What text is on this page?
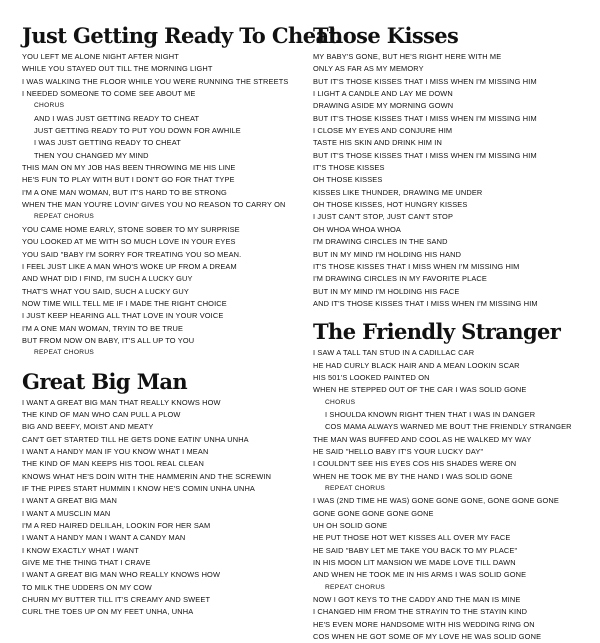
Just Getting Ready To Cheat
YOU LEFT ME ALONE NIGHT AFTER NIGHT
WHILE YOU STAYED OUT TILL THE MORNING LIGHT
I WAS WALKING THE FLOOR WHILE YOU WERE RUNNING THE STREETS
I NEEDED SOMEONE TO COME SEE ABOUT ME
CHORUS
AND I WAS JUST GETTING READY TO CHEAT
JUST GETTING READY TO PUT YOU DOWN FOR AWHILE
I WAS JUST GETTING READY TO CHEAT
THEN YOU CHANGED MY MIND
THIS MAN ON MY JOB HAS BEEN THROWING ME HIS LINE
HE'S FUN TO PLAY WITH BUT I DON'T GO FOR THAT TYPE
I'M A ONE MAN WOMAN, BUT IT'S HARD TO BE STRONG
WHEN THE MAN YOU'RE LOVIN' GIVES YOU NO REASON TO CARRY ON
REPEAT CHORUS
YOU CAME HOME EARLY, STONE SOBER TO MY SURPRISE
YOU LOOKED AT ME WITH SO MUCH LOVE IN YOUR EYES
YOU SAID "BABY I'M SORRY FOR TREATING YOU SO MEAN.
I FEEL JUST LIKE A MAN WHO'S WOKE UP FROM A DREAM
AND WHAT DID I FIND, I'M SUCH A LUCKY GUY
THAT'S WHAT YOU SAID, SUCH A LUCKY GUY
NOW TIME WILL TELL ME IF I MADE THE RIGHT CHOICE
I JUST KEEP HEARING ALL THAT LOVE IN YOUR VOICE
I'M A ONE MAN WOMAN, TRYIN TO BE TRUE
BUT FROM NOW ON BABY, IT'S ALL UP TO YOU
REPEAT CHORUS
Great Big Man
I WANT A GREAT BIG MAN THAT REALLY KNOWS HOW
THE KIND OF MAN WHO CAN PULL A PLOW
BIG AND BEEFY, MOIST AND MEATY
CAN'T GET STARTED TILL HE GETS DONE EATIN' UNHA UNHA
I WANT A HANDY MAN IF YOU KNOW WHAT I MEAN
THE KIND OF MAN KEEPS HIS TOOL REAL CLEAN
KNOWS WHAT HE'S DOIN WITH THE HAMMERIN AND THE SCREWIN
IF THE PIPES START HUMMIN I KNOW HE'S COMIN UNHA UNHA
I WANT A GREAT BIG MAN
I WANT A MUSCLIN MAN
I'M A RED HAIRED DELILAH, LOOKIN FOR HER SAM
I WANT A HANDY MAN I WANT A CANDY MAN
I KNOW EXACTLY WHAT I WANT
GIVE ME THE THING THAT I CRAVE
I WANT A GREAT BIG MAN WHO REALLY KNOWS HOW
TO MILK THE UDDERS ON MY COW
CHURN MY BUTTER TILL IT'S CREAMY AND SWEET
CURL THE TOES UP ON MY FEET UNHA, UNHA
Those Kisses
MY BABY'S GONE, BUT HE'S RIGHT HERE WITH ME
ONLY AS FAR AS MY MEMORY
BUT IT'S THOSE KISSES THAT I MISS WHEN I'M MISSING HIM
I LIGHT A CANDLE AND LAY ME DOWN
DRAWING ASIDE MY MORNING GOWN
BUT IT'S THOSE KISSES THAT I MISS WHEN I'M MISSING HIM
I CLOSE MY EYES AND CONJURE HIM
TASTE HIS SKIN AND DRINK HIM IN
BUT IT'S THOSE KISSES THAT I MISS WHEN I'M MISSING HIM
IT'S THOSE KISSES
OH THOSE KISSES
KISSES LIKE THUNDER, DRAWING ME UNDER
OH THOSE KISSES, HOT HUNGRY KISSES
I JUST CAN'T STOP, JUST CAN'T STOP
OH WHOA WHOA WHOA
I'M DRAWING CIRCLES IN THE SAND
BUT IN MY MIND I'M HOLDING HIS HAND
IT'S THOSE KISSES THAT I MISS WHEN I'M MISSING HIM
I'M DRAWING CIRCLES IN MY FAVORITE PLACE
BUT IN MY MIND I'M HOLDING HIS FACE
AND IT'S THOSE KISSES THAT I MISS WHEN I'M MISSING HIM
The Friendly Stranger
I SAW A TALL TAN STUD IN A CADILLAC CAR
HE HAD CURLY BLACK HAIR AND A MEAN LOOKIN SCAR
HIS 501'S LOOKED PAINTED ON
WHEN HE STEPPED OUT OF THE CAR I WAS SOLID GONE
CHORUS
I SHOULDA KNOWN RIGHT THEN THAT I WAS IN DANGER
COS MAMA ALWAYS WARNED ME BOUT THE FRIENDLY STRANGER
THE MAN WAS BUFFED AND COOL AS HE WALKED MY WAY
HE SAID "HELLO BABY IT'S YOUR LUCKY DAY"
I COULDN'T SEE HIS EYES COS HIS SHADES WERE ON
WHEN HE TOOK ME BY THE HAND I WAS SOLID GONE
REPEAT CHORUS
I WAS (2ND TIME HE WAS) GONE GONE GONE, GONE GONE GONE
GONE GONE GONE GONE GONE
UH OH SOLID GONE
HE PUT THOSE HOT WET KISSES ALL OVER MY FACE
HE SAID "BABY LET ME TAKE YOU BACK TO MY PLACE"
IN HIS MOON LIT MANSION WE MADE LOVE TILL DAWN
AND WHEN HE TOOK ME IN HIS ARMS I WAS SOLID GONE
REPEAT CHORUS
NOW I GOT KEYS TO THE CADDY AND THE MAN IS MINE
I CHANGED HIM FROM THE STRAYIN TO THE STAYIN KIND
HE'S EVEN MORE HANDSOME WITH HIS WEDDING RING ON
COS WHEN HE GOT SOME OF MY LOVE HE WAS SOLID GONE
